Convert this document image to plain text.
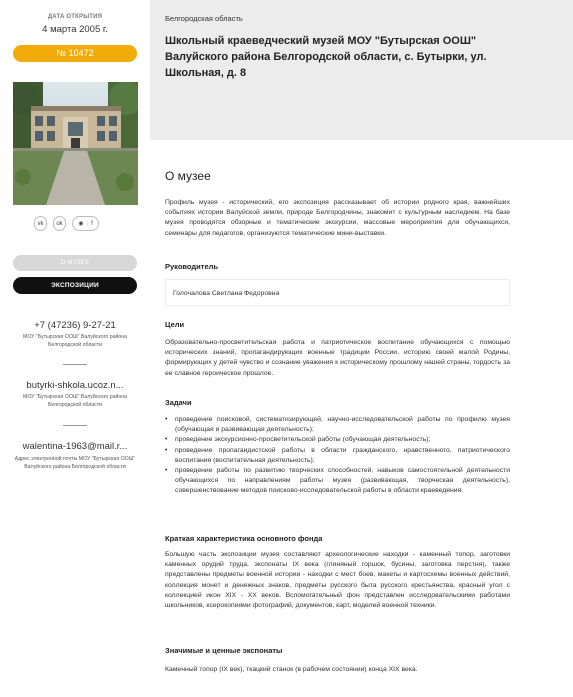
ДАТА ОТКРЫТИЯ
4 марта 2005 г.
№ 10472
vk	ok	◉ | f
О МУЗЕЕ
ЭКСПОЗИЦИИ
+7 (47236) 9-27-21
МОУ "Бутырская ООШ" Валуйского района Белгородской области
butyrki-shkola.ucoz.n...
МОУ "Бутырская ООШ" Валуйского района Белгородской области
walentina-1963@mail.r...
Адрес электронной почты МОУ "Бутырская ООШ" Валуйского района Белгородской области
Белгородская область
Школьный краеведческий музей МОУ "Бутырская ООШ" Валуйского района Белгородской области, с. Бутырки, ул. Школьная, д. 8
О музее
Профиль музея - исторический, его экспозиция рассказывает об истории родного края, важнейших событиях истории Валуйской земли, природе Белгородчины, знакомит с культурным наследием. На базе музея проводятся обзорные и тематические экскурсии, массовые мероприятия для обучающихся, семинары для педагогов, организуются тематические мини-выставки.
Руководитель
Голочалова Светлана Федоровна
Цели
Образовательно-просветительская работа и патриотическое воспитание обучающихся с помощью исторических знаний, пропагандирующих военные традиции России, историю своей малой Родины, формирующих у детей чувство и сознание уважения к историческому прошлому нашей страны, гордость за ее славное героическое прошлое.
Задачи
• проведение поисковой, систематизирующей, научно-исследовательской работы по профилю музея (обучающая и развивающая деятельность);
• проведение экскурсионно-просветительской работы (обучающая деятельность);
• проведение пропагандистской работы в области гражданского, нравственного, патриотического воспитания (воспитательная деятельность);
• проведение работы по развитию творческих способностей, навыков самостоятельной деятельности обучающихся по направлениям работы музея (развивающая, творческая деятельность), совершенствование методов поисково-исследовательской работы в области краеведения.
Краткая характеристика основного фонда
Большую часть экспозиции музея составляют археологические находки - каменный топор, заготовки каменных орудий труда, экспонаты IX века (глиняный горшок, бусины, заготовка перстня), также представлены предметы военной истории - находки с мест боев, макеты и картосхемы военных действий, коллекция монет и денежных знаков, предметы русского быта русского крестьянства, красный угол с коллекцией икон XIX - XX веков. Вспомогательный фон представлен исследовательскими работами школьников, ксерокопиями фотографий, документов, карт, моделей военной техники.
Значимые и ценные экспонаты
Каменный топор (IX век), ткацкий станок (в рабочем состоянии) конца XIX века.
